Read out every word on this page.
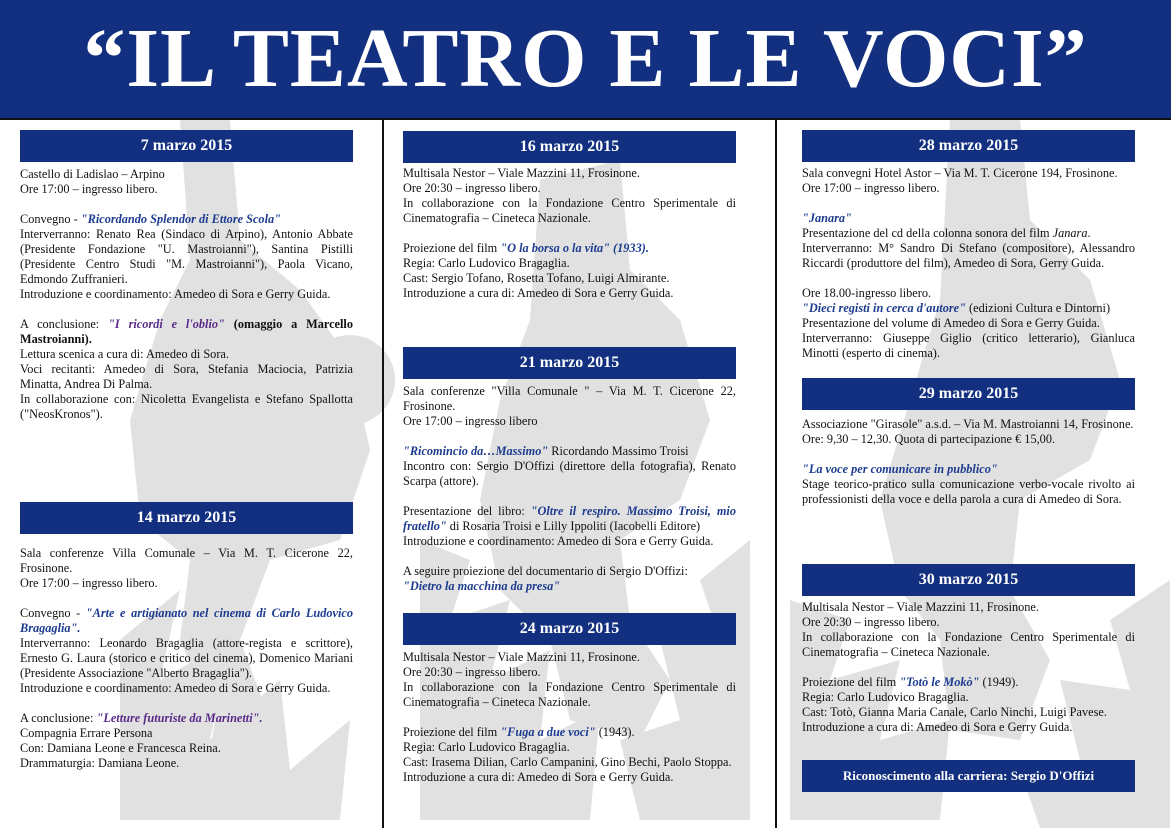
“IL TEATRO E LE VOCI”
7 marzo 2015

Castello di Ladislao – Arpino

Ore 17:00 – ingresso libero.

Convegno - "Ricordando Splendor di Ettore Scola"

Interverranno: Renato Rea (Sindaco di Arpino), Antonio Abbate (Presidente Fondazione "U. Mastroianni"), Santina Pistilli (Presidente Centro Studi "M. Mastroianni"), Paola Vicano, Edmondo Zuffranieri.

Introduzione e coordinamento: Amedeo di Sora e Gerry Guida.

A conclusione: "I ricordi e l'oblio" (omaggio a Marcello Mastroianni).

Lettura scenica a cura di: Amedeo di Sora.

Voci recitanti: Amedeo di Sora, Stefania Maciocia, Patrizia Minatta, Andrea Di Palma.

In collaborazione con: Nicoletta Evangelista e Stefano Spallotta ("NeosKronos").

14 marzo 2015

Sala conferenze Villa Comunale – Via M. T. Cicerone 22, Frosinone.

Ore 17:00 – ingresso libero.

Convegno - "Arte e artigianato nel cinema di Carlo Ludovico Bragaglia".

Interverranno: Leonardo Bragaglia (attore-regista e scrittore), Ernesto G. Laura (storico e critico del cinema), Domenico Mariani (Presidente Associazione "Alberto Bragaglia").

Introduzione e coordinamento: Amedeo di Sora e Gerry Guida.

A conclusione: "Letture futuriste da Marinetti".

Compagnia Errare Persona

Con: Damiana Leone e Francesca Reina.

Drammaturgia: Damiana Leone.

16 marzo 2015

Multisala Nestor – Viale Mazzini 11, Frosinone.

Ore 20:30 – ingresso libero.

In collaborazione con la Fondazione Centro Sperimentale di Cinematografia – Cineteca Nazionale.

Proiezione del film "O la borsa o la vita" (1933).

Regia: Carlo Ludovico Bragaglia.

Cast: Sergio Tofano, Rosetta Tofano, Luigi Almirante.

Introduzione a cura di: Amedeo di Sora e Gerry Guida.

21 marzo 2015

Sala conferenze "Villa Comunale " – Via M. T. Cicerone 22, Frosinone.

Ore 17:00 – ingresso libero

"Ricomincio da…Massimo" Ricordando Massimo Troisi

Incontro con: Sergio D'Offizi (direttore della fotografia), Renato Scarpa (attore).

Presentazione del libro: "Oltre il respiro. Massimo Troisi, mio fratello" di Rosaria Troisi e Lilly Ippoliti (Iacobelli Editore)

Introduzione e coordinamento: Amedeo di Sora e Gerry Guida.

A seguire proiezione del documentario di Sergio D'Offizi:

"Dietro la macchina da presa"

24 marzo 2015

Multisala Nestor – Viale Mazzini 11, Frosinone.

Ore 20:30 – ingresso libero.

In collaborazione con la Fondazione Centro Sperimentale di Cinematografia – Cineteca Nazionale.

Proiezione del film "Fuga a due voci" (1943).

Regia: Carlo Ludovico Bragaglia.

Cast: Irasema Dilian, Carlo Campanini, Gino Bechi, Paolo Stoppa.

Introduzione a cura di: Amedeo di Sora e Gerry Guida.

28 marzo 2015

Sala convegni Hotel Astor – Via M. T. Cicerone 194, Frosinone.

Ore 17:00 – ingresso libero.

"Janara"

Presentazione del cd della colonna sonora del film Janara.

Interverranno: M° Sandro Di Stefano (compositore), Alessandro Riccardi (produttore del film), Amedeo di Sora, Gerry Guida.

Ore 18.00-ingresso libero.

"Dieci registi in cerca d'autore" (edizioni Cultura e Dintorni)

Presentazione del volume di Amedeo di Sora e Gerry Guida.

Interverranno: Giuseppe Giglio (critico letterario), Gianluca Minotti (esperto di cinema).

29 marzo 2015

Associazione "Girasole" a.s.d. – Via M. Mastroianni 14, Frosinone.

Ore: 9,30 – 12,30. Quota di partecipazione € 15,00.

"La voce per comunicare in pubblico"

Stage teorico-pratico sulla comunicazione verbo-vocale rivolto ai professionisti della voce e della parola a cura di Amedeo di Sora.

30 marzo 2015

Multisala Nestor – Viale Mazzini 11, Frosinone.

Ore 20:30 – ingresso libero.

In collaborazione con la Fondazione Centro Sperimentale di Cinematografia – Cineteca Nazionale.

Proiezione del film "Totò le Mokò" (1949).

Regia: Carlo Ludovico Bragaglia.

Cast: Totò, Gianna Maria Canale, Carlo Ninchi, Luigi Pavese.

Introduzione a cura di: Amedeo di Sora e Gerry Guida.

Riconoscimento alla carriera: Sergio D'Offizi
